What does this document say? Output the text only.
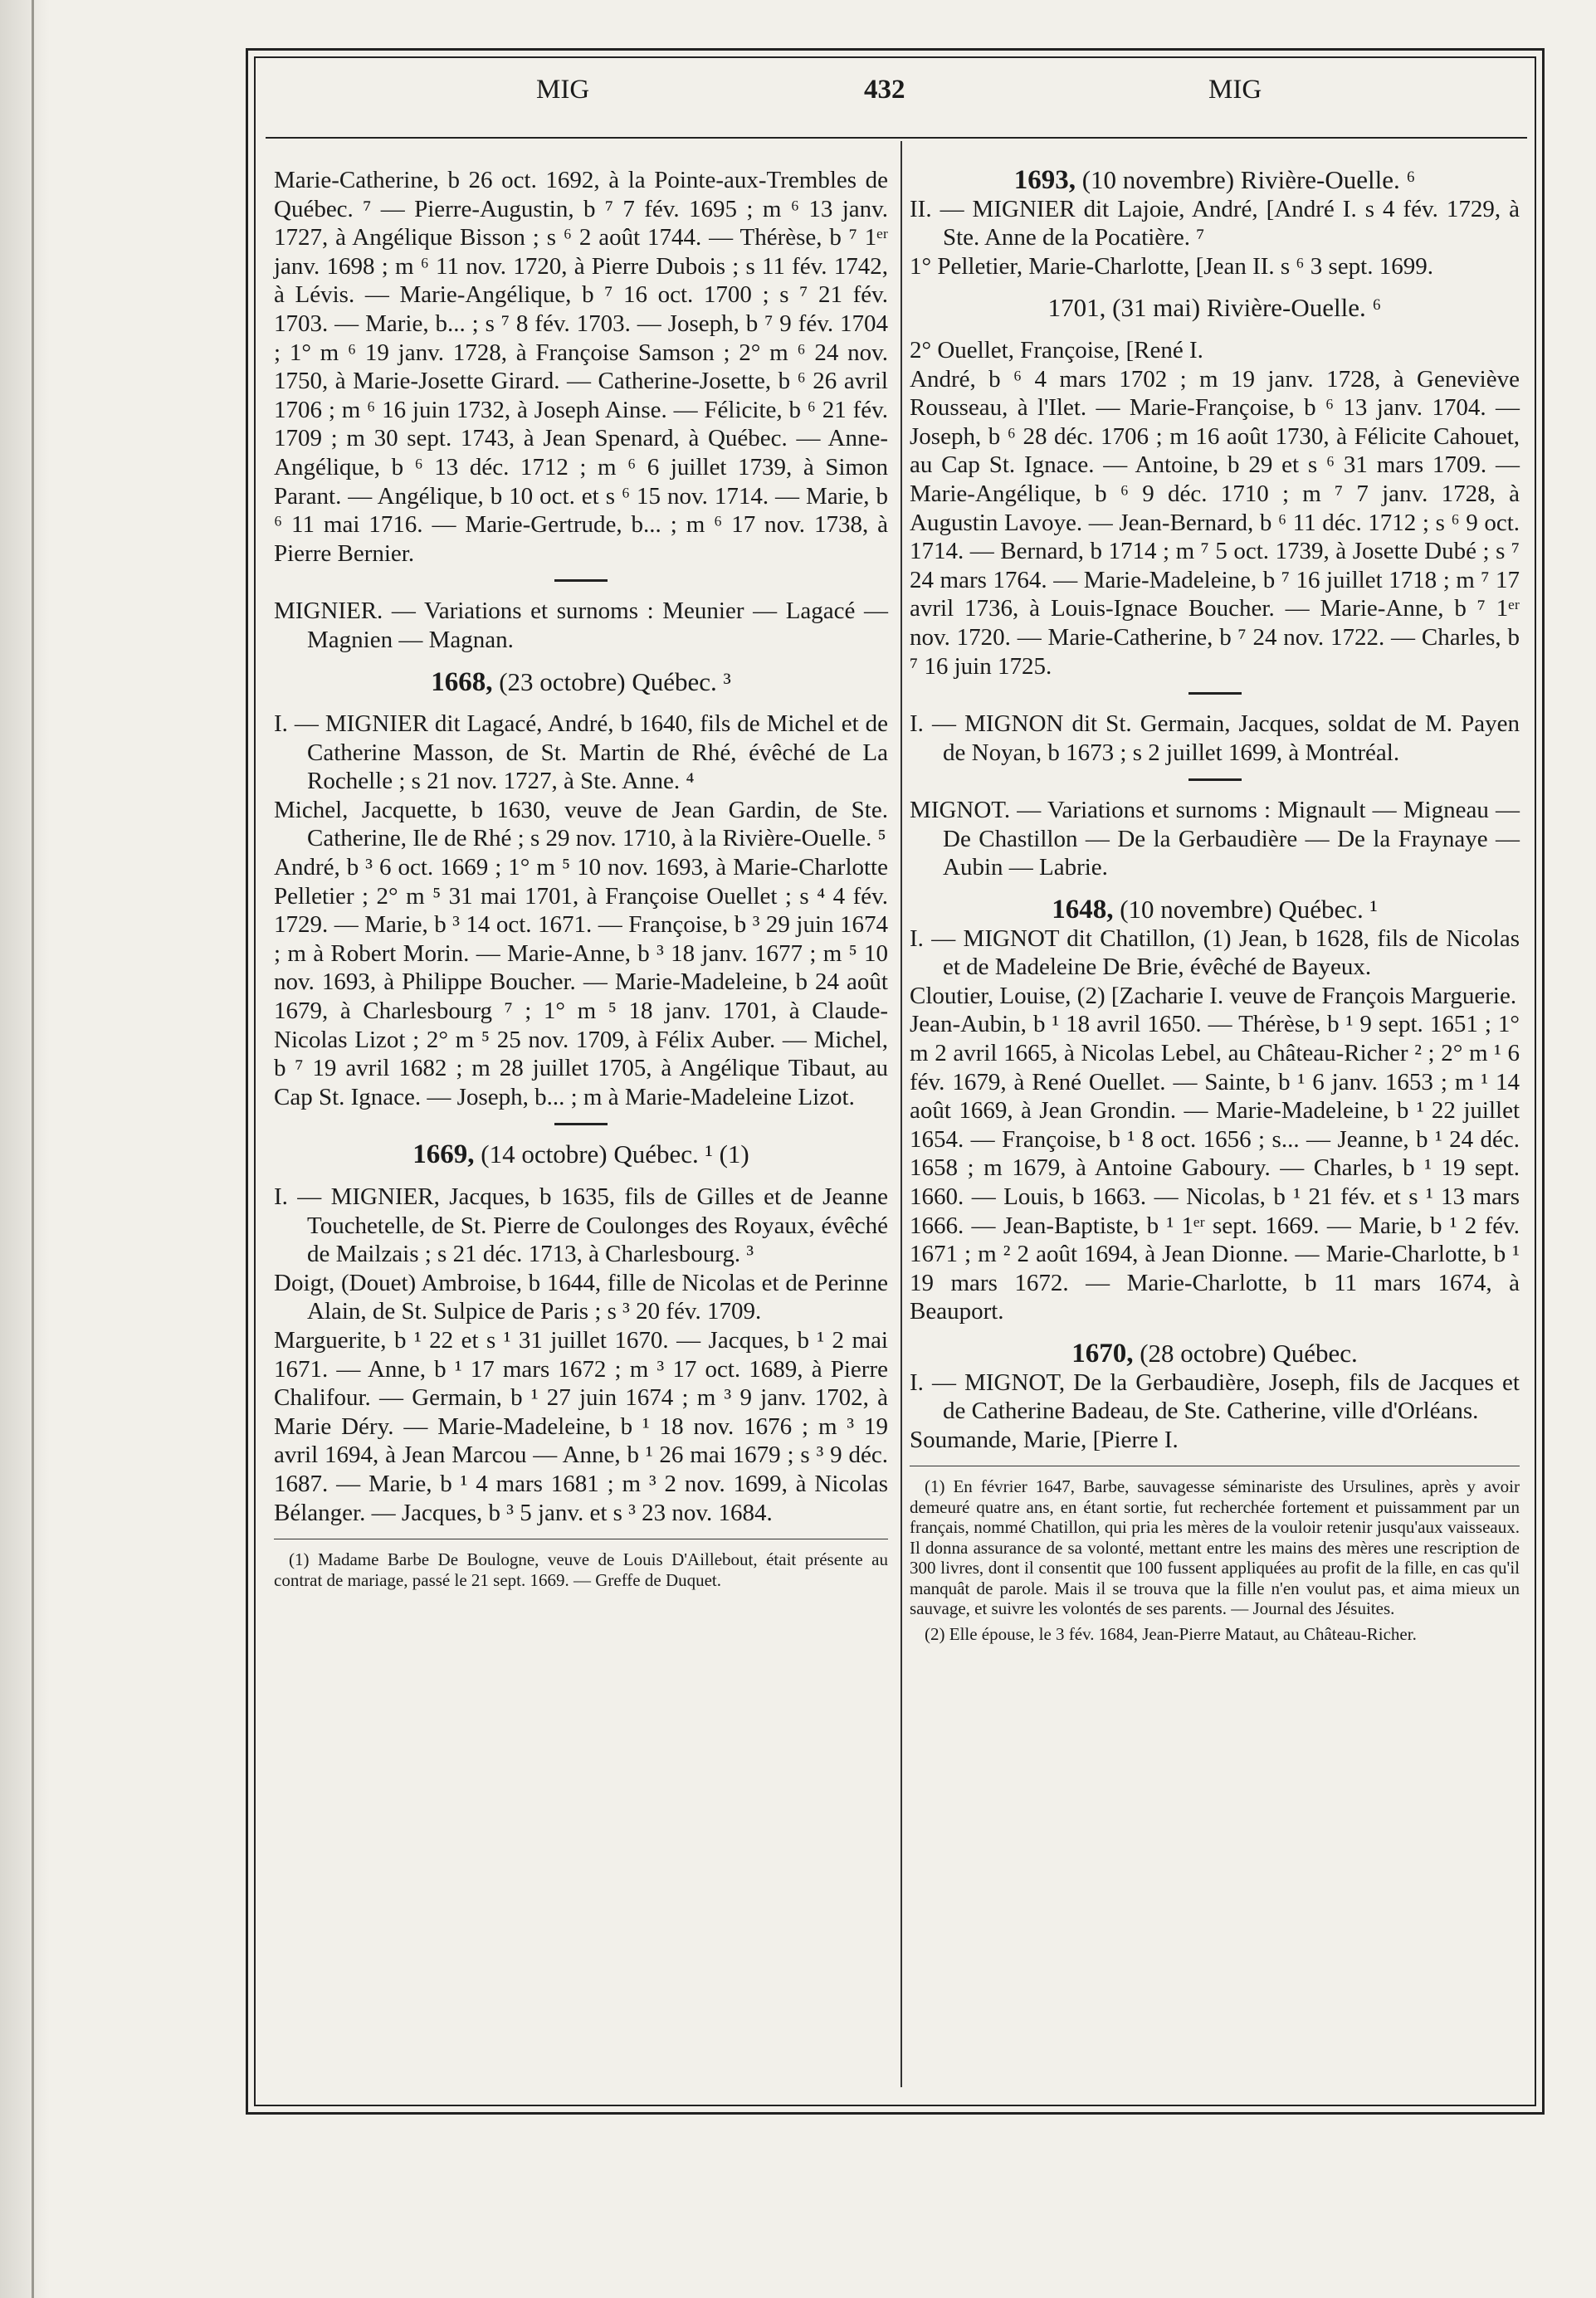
MIG	432	MIG

Marie-Catherine, b 26 oct. 1692, à la Pointe-aux-Trembles de Québec. ⁷ — Pierre-Augustin, b ⁷ 7 fév. 1695 ; m ⁶ 13 janv. 1727, à Angélique Bisson ; s ⁶ 2 août 1744. — Thérèse, b ⁷ 1ᵉʳ janv. 1698 ; m ⁶ 11 nov. 1720, à Pierre Dubois ; s 11 fév. 1742, à Lévis. — Marie-Angélique, b ⁷ 16 oct. 1700 ; s ⁷ 21 fév. 1703. — Marie, b... ; s ⁷ 8 fév. 1703. — Joseph, b ⁷ 9 fév. 1704 ; 1° m ⁶ 19 janv. 1728, à Françoise Samson ; 2° m ⁶ 24 nov. 1750, à Marie-Josette Girard. — Catherine-Josette, b ⁶ 26 avril 1706 ; m ⁶ 16 juin 1732, à Joseph Ainse. — Félicite, b ⁶ 21 fév. 1709 ; m 30 sept. 1743, à Jean Spenard, à Québec. — Anne-Angélique, b ⁶ 13 déc. 1712 ; m ⁶ 6 juillet 1739, à Simon Parant. — Angélique, b 10 oct. et s ⁶ 15 nov. 1714. — Marie, b ⁶ 11 mai 1716. — Marie-Gertrude, b... ; m ⁶ 17 nov. 1738, à Pierre Bernier.

MIGNIER. — Variations et surnoms : Meunier — Lagacé — Magnien — Magnan.

1668, (23 octobre) Québec. ³

I. — MIGNIER dit Lagacé, André, b 1640, fils de Michel et de Catherine Masson, de St. Martin de Rhé, évêché de La Rochelle ; s 21 nov. 1727, à Ste. Anne. ⁴

Michel, Jacquette, b 1630, veuve de Jean Gardin, de Ste. Catherine, Ile de Rhé ; s 29 nov. 1710, à la Rivière-Ouelle. ⁵

André, b ³ 6 oct. 1669 ; 1° m ⁵ 10 nov. 1693, à Marie-Charlotte Pelletier ; 2° m ⁵ 31 mai 1701, à Françoise Ouellet ; s ⁴ 4 fév. 1729. — Marie, b ³ 14 oct. 1671. — Françoise, b ³ 29 juin 1674 ; m à Robert Morin. — Marie-Anne, b ³ 18 janv. 1677 ; m ⁵ 10 nov. 1693, à Philippe Boucher. — Marie-Madeleine, b 24 août 1679, à Charlesbourg ⁷ ; 1° m ⁵ 18 janv. 1701, à Claude-Nicolas Lizot ; 2° m ⁵ 25 nov. 1709, à Félix Auber. — Michel, b ⁷ 19 avril 1682 ; m 28 juillet 1705, à Angélique Tibaut, au Cap St. Ignace. — Joseph, b... ; m à Marie-Madeleine Lizot.

1669, (14 octobre) Québec. ¹ (1)

I. — MIGNIER, Jacques, b 1635, fils de Gilles et de Jeanne Touchetelle, de St. Pierre de Coulonges des Royaux, évêché de Mailzais ; s 21 déc. 1713, à Charlesbourg. ³

Doigt, (Douet) Ambroise, b 1644, fille de Nicolas et de Perinne Alain, de St. Sulpice de Paris ; s ³ 20 fév. 1709.

Marguerite, b ¹ 22 et s ¹ 31 juillet 1670. — Jacques, b ¹ 2 mai 1671. — Anne, b ¹ 17 mars 1672 ; m ³ 17 oct. 1689, à Pierre Chalifour. — Germain, b ¹ 27 juin 1674 ; m ³ 9 janv. 1702, à Marie Déry. — Marie-Madeleine, b ¹ 18 nov. 1676 ; m ³ 19 avril 1694, à Jean Marcou — Anne, b ¹ 26 mai 1679 ; s ³ 9 déc. 1687. — Marie, b ¹ 4 mars 1681 ; m ³ 2 nov. 1699, à Nicolas Bélanger. — Jacques, b ³ 5 janv. et s ³ 23 nov. 1684.

(1) Madame Barbe De Boulogne, veuve de Louis D'Aillebout, était présente au contrat de mariage, passé le 21 sept. 1669. — Greffe de Duquet.

1693, (10 novembre) Rivière-Ouelle. ⁶

II. — MIGNIER dit Lajoie, André, [André I. s 4 fév. 1729, à Ste. Anne de la Pocatière. ⁷

1° Pelletier, Marie-Charlotte, [Jean II. s ⁶ 3 sept. 1699.

1701, (31 mai) Rivière-Ouelle. ⁶

2° Ouellet, Françoise, [René I.

André, b ⁶ 4 mars 1702 ; m 19 janv. 1728, à Geneviève Rousseau, à l'Ilet. — Marie-Françoise, b ⁶ 13 janv. 1704. — Joseph, b ⁶ 28 déc. 1706 ; m 16 août 1730, à Félicite Cahouet, au Cap St. Ignace. — Antoine, b 29 et s ⁶ 31 mars 1709. — Marie-Angélique, b ⁶ 9 déc. 1710 ; m ⁷ 7 janv. 1728, à Augustin Lavoye. — Jean-Bernard, b ⁶ 11 déc. 1712 ; s ⁶ 9 oct. 1714. — Bernard, b 1714 ; m ⁷ 5 oct. 1739, à Josette Dubé ; s ⁷ 24 mars 1764. — Marie-Madeleine, b ⁷ 16 juillet 1718 ; m ⁷ 17 avril 1736, à Louis-Ignace Boucher. — Marie-Anne, b ⁷ 1ᵉʳ nov. 1720. — Marie-Catherine, b ⁷ 24 nov. 1722. — Charles, b ⁷ 16 juin 1725.

I. — MIGNON dit St. Germain, Jacques, soldat de M. Payen de Noyan, b 1673 ; s 2 juillet 1699, à Montréal.

MIGNOT. — Variations et surnoms : Mignault — Migneau — De Chastillon — De la Gerbaudière — De la Fraynaye — Aubin — Labrie.

1648, (10 novembre) Québec. ¹

I. — MIGNOT dit Chatillon, (1) Jean, b 1628, fils de Nicolas et de Madeleine De Brie, évêché de Bayeux.

Cloutier, Louise, (2) [Zacharie I. veuve de François Marguerie.

Jean-Aubin, b ¹ 18 avril 1650. — Thérèse, b ¹ 9 sept. 1651 ; 1° m 2 avril 1665, à Nicolas Lebel, au Château-Richer ² ; 2° m ¹ 6 fév. 1679, à René Ouellet. — Sainte, b ¹ 6 janv. 1653 ; m ¹ 14 août 1669, à Jean Grondin. — Marie-Madeleine, b ¹ 22 juillet 1654. — Françoise, b ¹ 8 oct. 1656 ; s... — Jeanne, b ¹ 24 déc. 1658 ; m 1679, à Antoine Gaboury. — Charles, b ¹ 19 sept. 1660. — Louis, b 1663. — Nicolas, b ¹ 21 fév. et s ¹ 13 mars 1666. — Jean-Baptiste, b ¹ 1ᵉʳ sept. 1669. — Marie, b ¹ 2 fév. 1671 ; m ² 2 août 1694, à Jean Dionne. — Marie-Charlotte, b ¹ 19 mars 1672. — Marie-Charlotte, b 11 mars 1674, à Beauport.

1670, (28 octobre) Québec.

I. — MIGNOT, De la Gerbaudière, Joseph, fils de Jacques et de Catherine Badeau, de Ste. Catherine, ville d'Orléans.

Soumande, Marie, [Pierre I.

(1) En février 1647, Barbe, sauvagesse séminariste des Ursulines, après y avoir demeuré quatre ans, en étant sortie, fut recherchée fortement et puissamment par un français, nommé Chatillon, qui pria les mères de la vouloir retenir jusqu'aux vaisseaux. Il donna assurance de sa volonté, mettant entre les mains des mères une rescription de 300 livres, dont il consentit que 100 fussent appliquées au profit de la fille, en cas qu'il manquât de parole. Mais il se trouva que la fille n'en voulut pas, et aima mieux un sauvage, et suivre les volontés de ses parents. — Journal des Jésuites.

(2) Elle épouse, le 3 fév. 1684, Jean-Pierre Mataut, au Château-Richer.
